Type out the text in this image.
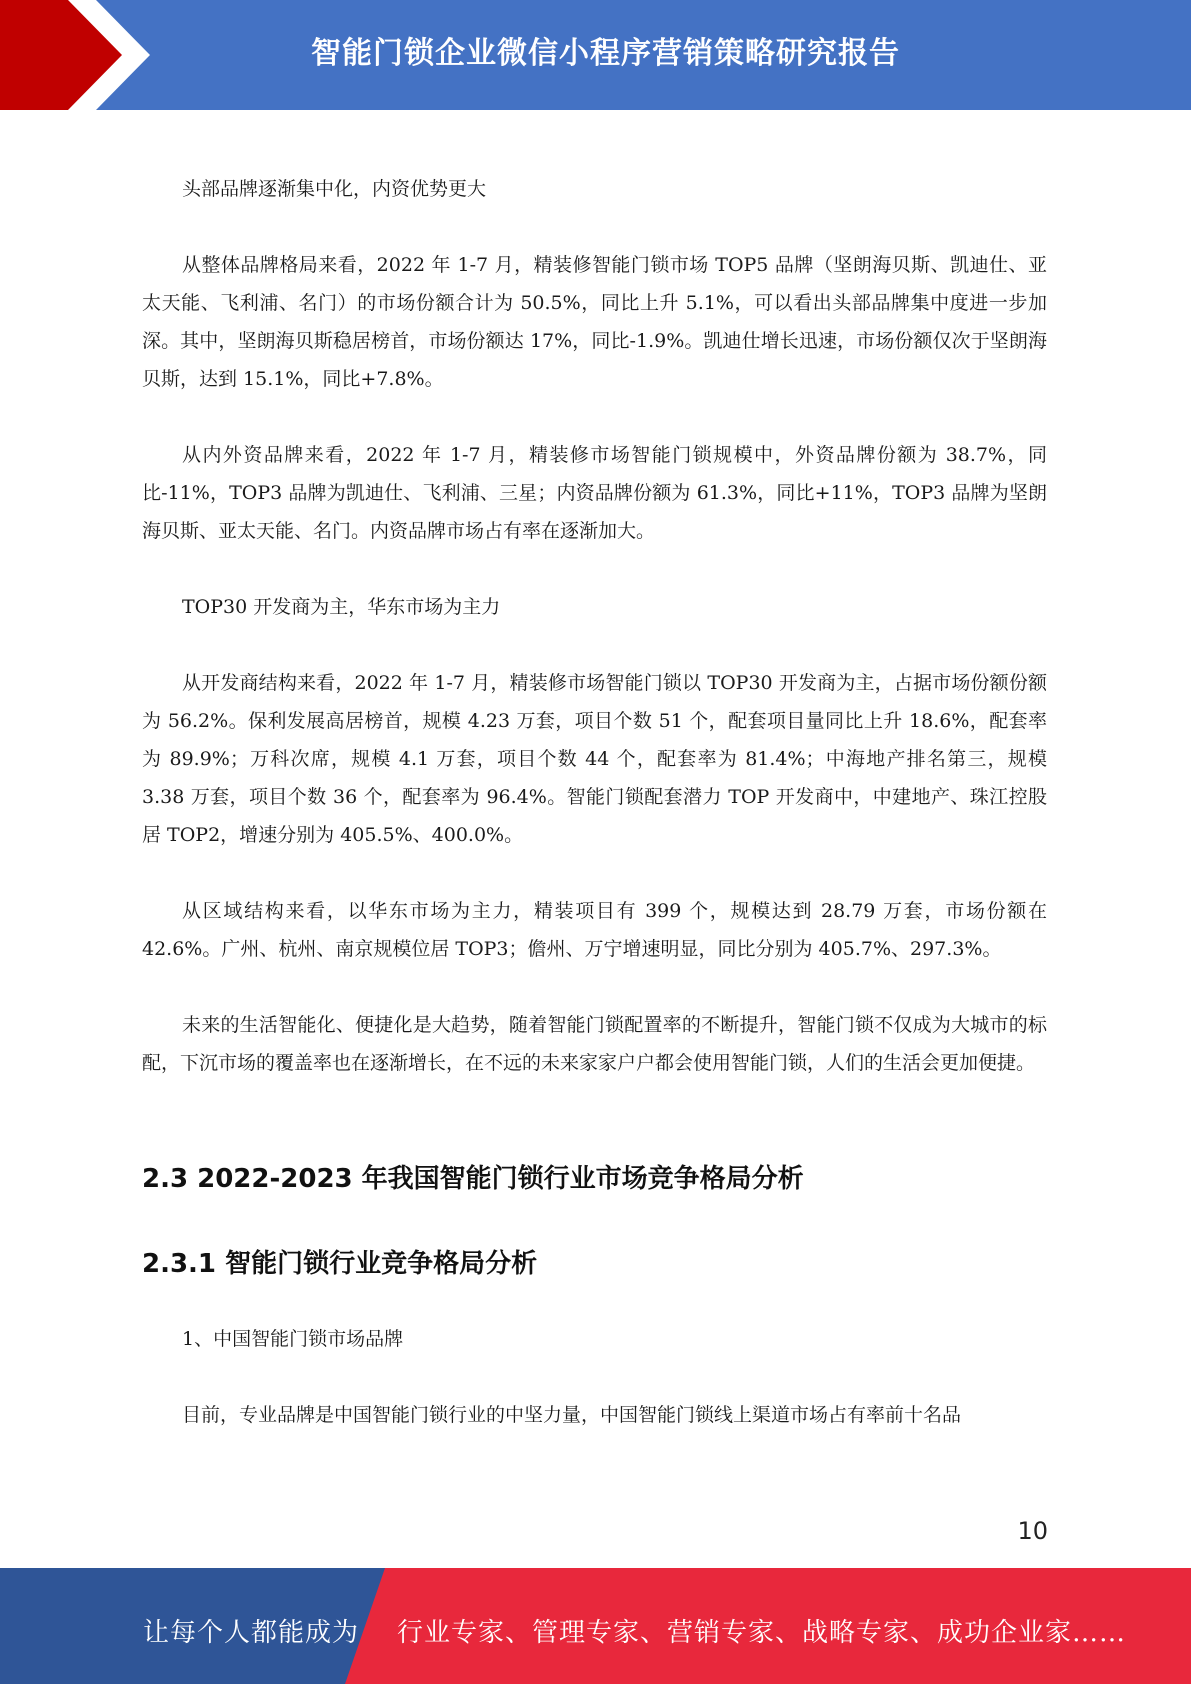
智能门锁企业微信小程序营销策略研究报告

头部品牌逐渐集中化，内资优势更大

从整体品牌格局来看，2022 年 1-7 月，精装修智能门锁市场 TOP5 品牌（坚朗海贝斯、凯迪仕、亚太天能、飞利浦、名门）的市场份额合计为 50.5%，同比上升 5.1%，可以看出头部品牌集中度进一步加深。其中，坚朗海贝斯稳居榜首，市场份额达 17%，同比-1.9%。凯迪仕增长迅速，市场份额仅次于坚朗海贝斯，达到 15.1%，同比+7.8%。

从内外资品牌来看，2022 年 1-7 月，精装修市场智能门锁规模中，外资品牌份额为 38.7%，同比-11%，TOP3 品牌为凯迪仕、飞利浦、三星；内资品牌份额为 61.3%，同比+11%，TOP3 品牌为坚朗海贝斯、亚太天能、名门。内资品牌市场占有率在逐渐加大。

TOP30 开发商为主，华东市场为主力

从开发商结构来看，2022 年 1-7 月，精装修市场智能门锁以 TOP30 开发商为主，占据市场份额份额为 56.2%。保利发展高居榜首，规模 4.23 万套，项目个数 51 个，配套项目量同比上升 18.6%，配套率为 89.9%；万科次席，规模 4.1 万套，项目个数 44 个，配套率为 81.4%；中海地产排名第三，规模 3.38 万套，项目个数 36 个，配套率为 96.4%。智能门锁配套潜力 TOP 开发商中，中建地产、珠江控股居 TOP2，增速分别为 405.5%、400.0%。

从区域结构来看，以华东市场为主力，精装项目有 399 个，规模达到 28.79 万套，市场份额在 42.6%。广州、杭州、南京规模位居 TOP3；儋州、万宁增速明显，同比分别为 405.7%、297.3%。

未来的生活智能化、便捷化是大趋势，随着智能门锁配置率的不断提升，智能门锁不仅成为大城市的标配，下沉市场的覆盖率也在逐渐增长，在不远的未来家家户户都会使用智能门锁，人们的生活会更加便捷。

2.3 2022-2023 年我国智能门锁行业市场竞争格局分析
2.3.1 智能门锁行业竞争格局分析

1、中国智能门锁市场品牌

目前，专业品牌是中国智能门锁行业的中坚力量，中国智能门锁线上渠道市场占有率前十名品

10
让每个人都能成为 行业专家、管理专家、营销专家、战略专家、成功企业家……
